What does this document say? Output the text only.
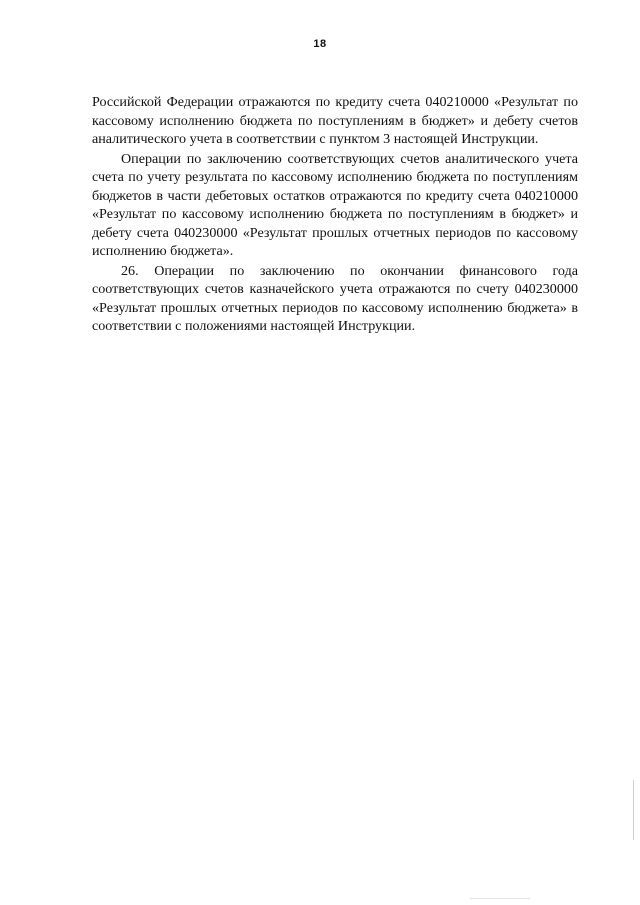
18

Российской Федерации отражаются по кредиту счета 040210000 «Результат по кассовому исполнению бюджета по поступлениям в бюджет» и дебету счетов аналитического учета в соответствии с пунктом 3 настоящей Инструкции.

Операции по заключению соответствующих счетов аналитического учета счета по учету результата по кассовому исполнению бюджета по поступлениям бюджетов в части дебетовых остатков отражаются по кредиту счета 040210000 «Результат по кассовому исполнению бюджета по поступлениям в бюджет» и дебету счета 040230000 «Результат прошлых отчетных периодов по кассовому исполнению бюджета».

26. Операции по заключению по окончании финансового года соответствующих счетов казначейского учета отражаются по счету 040230000 «Результат прошлых отчетных периодов по кассовому исполнению бюджета» в соответствии с положениями настоящей Инструкции.
